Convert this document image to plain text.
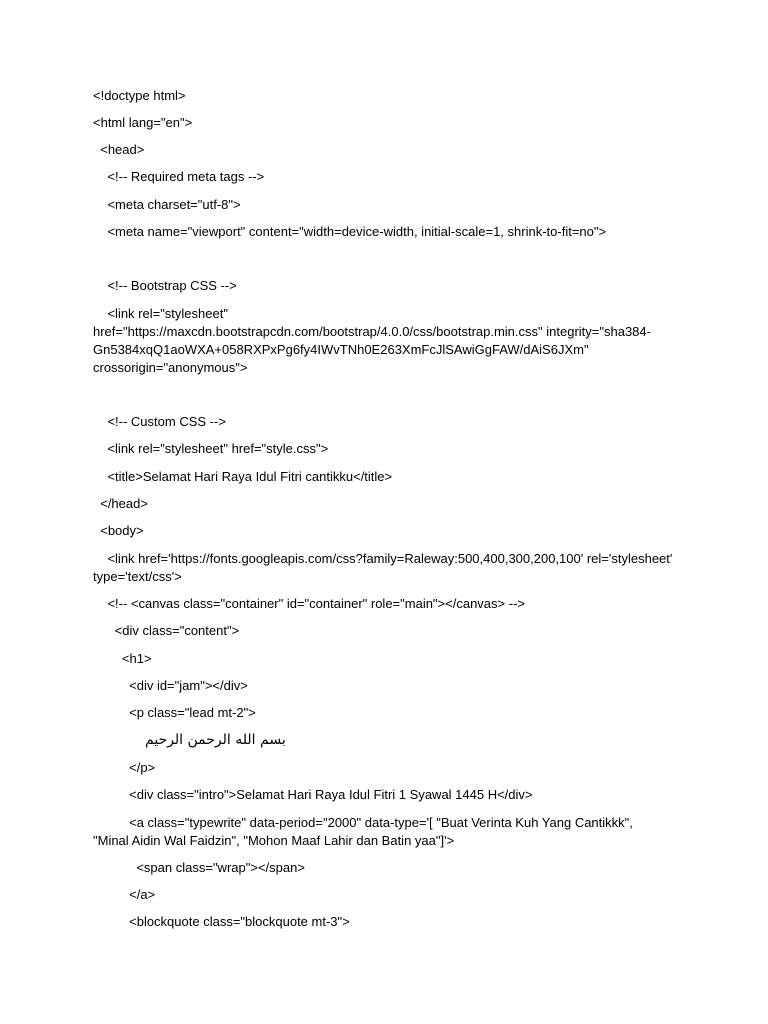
<!doctype html>

<html lang="en">

<head>

<!-- Required meta tags -->

<meta charset="utf-8">

<meta name="viewport" content="width=device-width, initial-scale=1, shrink-to-fit=no">

<!-- Bootstrap CSS -->

<link rel="stylesheet"

href="https://maxcdn.bootstrapcdn.com/bootstrap/4.0.0/css/bootstrap.min.css" integrity="sha384-

Gn5384xqQ1aoWXA+058RXPxPg6fy4IWvTNh0E263XmFcJlSAwiGgFAW/dAiS6JXm"

crossorigin="anonymous">

<!-- Custom CSS -->

<link rel="stylesheet" href="style.css">

<title>Selamat Hari Raya Idul Fitri cantikku</title>

</head>

<body>

<link href='https://fonts.googleapis.com/css?family=Raleway:500,400,300,200,100' rel='stylesheet'

type='text/css'>

<!-- <canvas class="container" id="container" role="main"></canvas> -->

<div class="content">

<h1>

<div id="jam"></div>

<p class="lead mt-2">

بسم الله الرحمن الرحيم

</p>

<div class="intro">Selamat Hari Raya Idul Fitri 1 Syawal 1445 H</div>

<a class="typewrite" data-period="2000" data-type='[ "Buat Verinta Kuh Yang Cantikkk",

"Minal Aidin Wal Faidzin", "Mohon Maaf Lahir dan Batin yaa"]'>

<span class="wrap"></span>

</a>

<blockquote class="blockquote mt-3">
